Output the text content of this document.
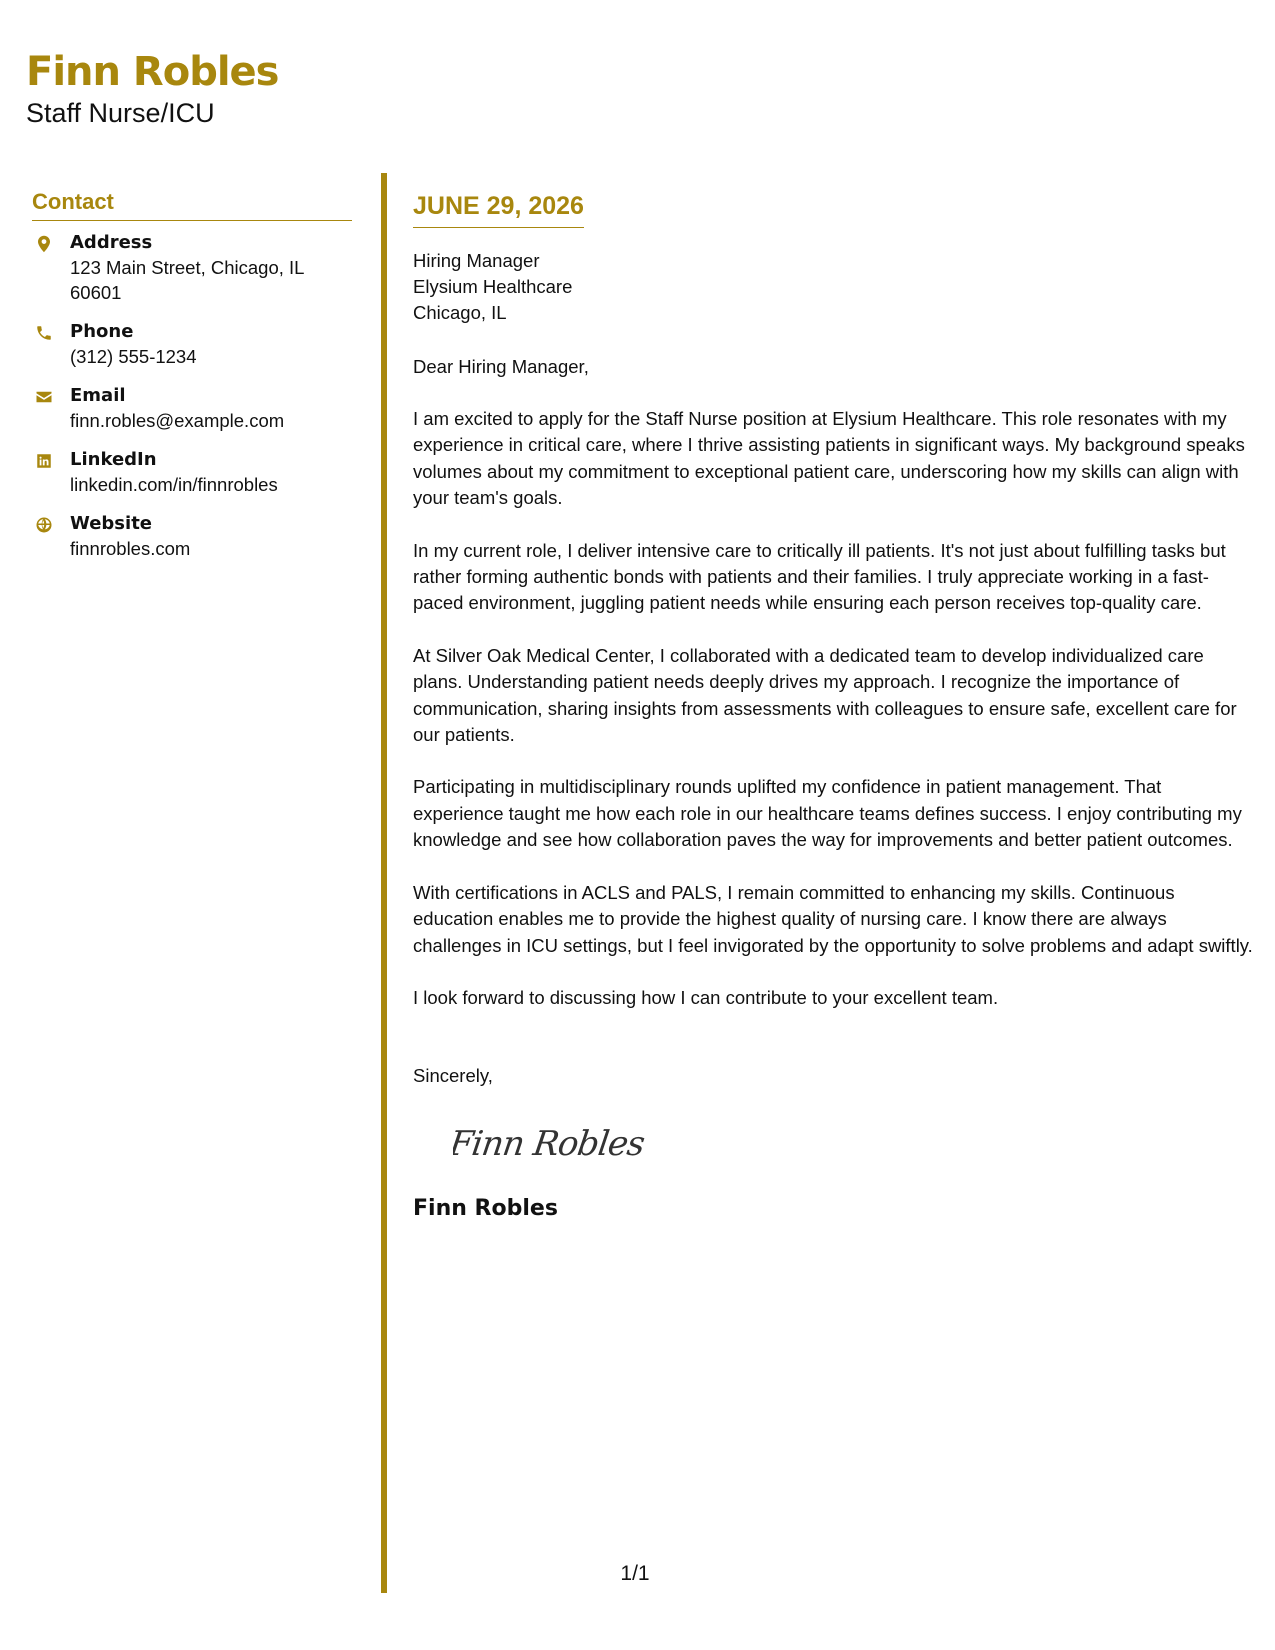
Finn Robles
Staff Nurse/ICU
Contact
Address
123 Main Street, Chicago, IL 60601
Phone
(312) 555-1234
Email
finn.robles@example.com
LinkedIn
linkedin.com/in/finnrobles
Website
finnrobles.com
JUNE 29, 2026
Hiring Manager
Elysium Healthcare
Chicago, IL
Dear Hiring Manager,

I am excited to apply for the Staff Nurse position at Elysium Healthcare. This role resonates with my experience in critical care, where I thrive assisting patients in significant ways. My background speaks volumes about my commitment to exceptional patient care, underscoring how my skills can align with your team's goals.

In my current role, I deliver intensive care to critically ill patients. It's not just about fulfilling tasks but rather forming authentic bonds with patients and their families. I truly appreciate working in a fast-paced environment, juggling patient needs while ensuring each person receives top-quality care.

At Silver Oak Medical Center, I collaborated with a dedicated team to develop individualized care plans. Understanding patient needs deeply drives my approach. I recognize the importance of communication, sharing insights from assessments with colleagues to ensure safe, excellent care for our patients.

Participating in multidisciplinary rounds uplifted my confidence in patient management. That experience taught me how each role in our healthcare teams defines success. I enjoy contributing my knowledge and see how collaboration paves the way for improvements and better patient outcomes.

With certifications in ACLS and PALS, I remain committed to enhancing my skills. Continuous education enables me to provide the highest quality of nursing care. I know there are always challenges in ICU settings, but I feel invigorated by the opportunity to solve problems and adapt swiftly.

I look forward to discussing how I can contribute to your excellent team.

Sincerely,
Finn Robles
Finn Robles
1/1
